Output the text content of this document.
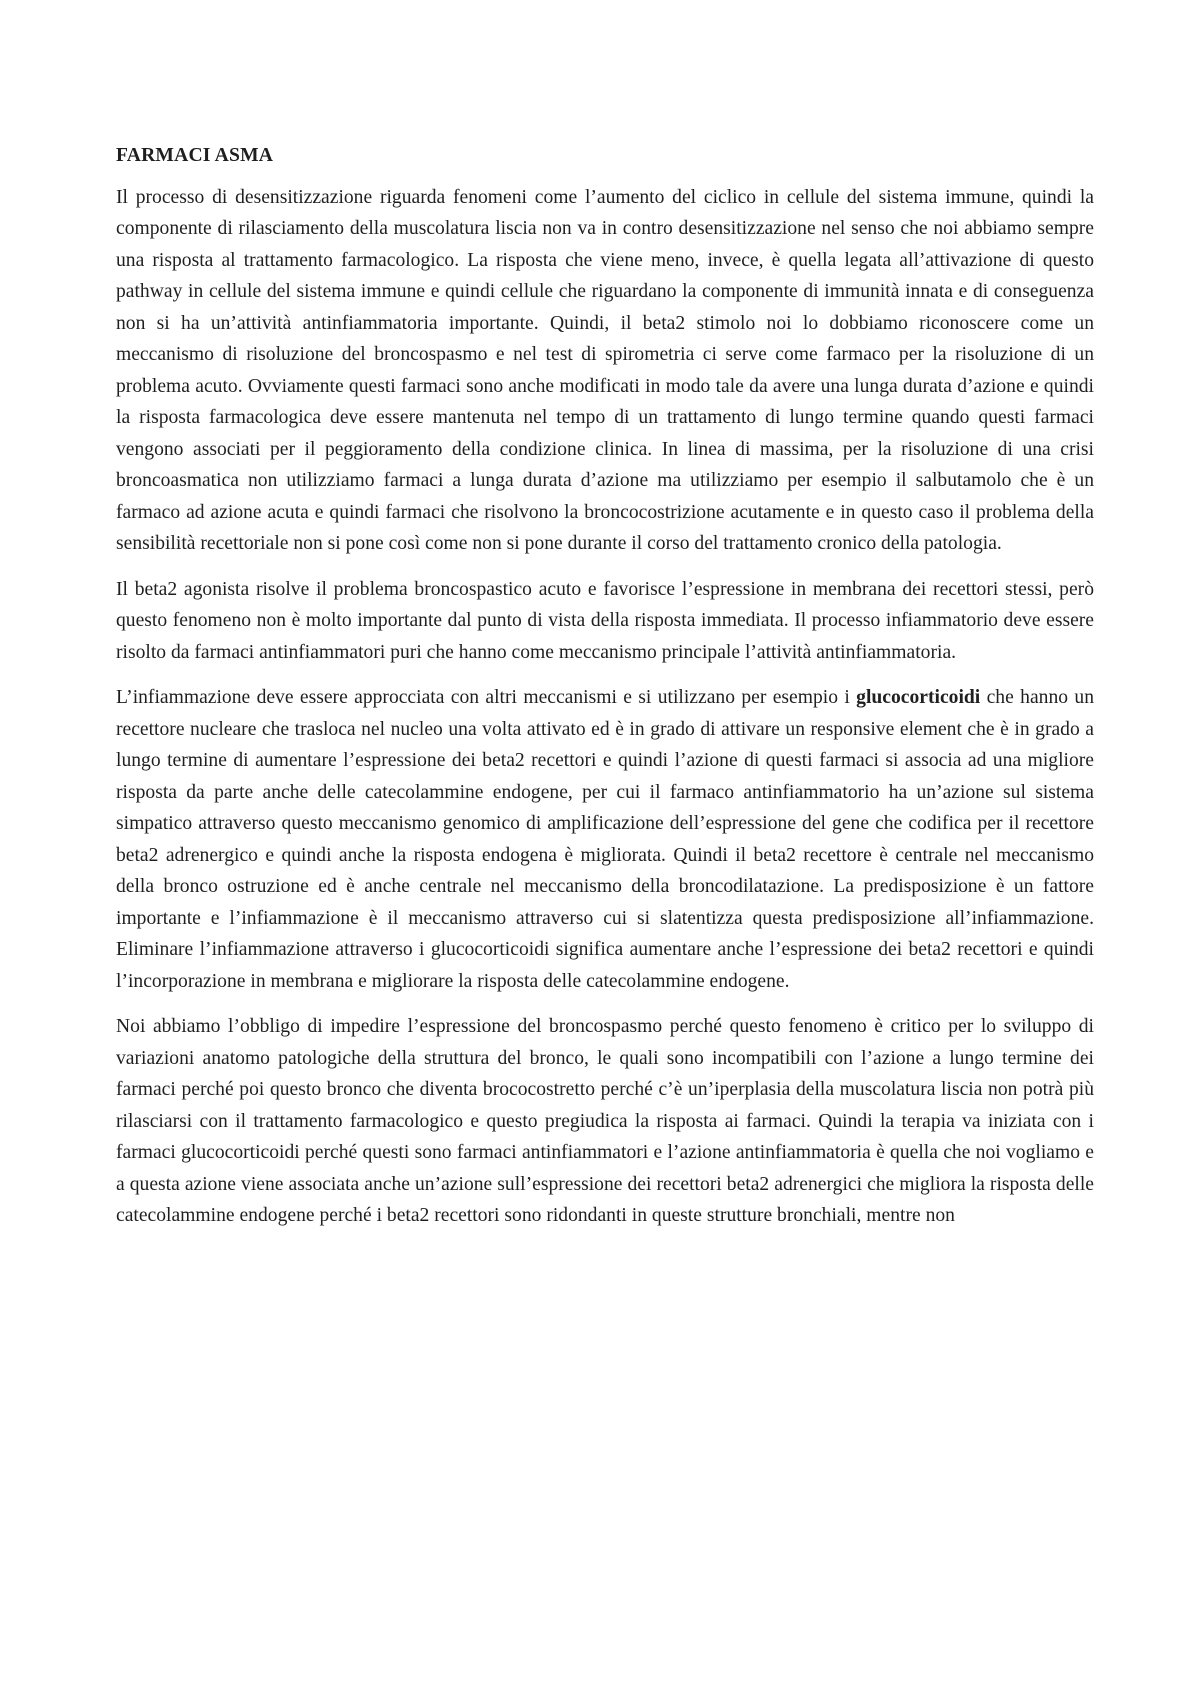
FARMACI ASMA

Il processo di desensitizzazione riguarda fenomeni come l’aumento del ciclico in cellule del sistema immune, quindi la componente di rilasciamento della muscolatura liscia non va in contro desensitizzazione nel senso che noi abbiamo sempre una risposta al trattamento farmacologico. La risposta che viene meno, invece, è quella legata all’attivazione di questo pathway in cellule del sistema immune e quindi cellule che riguardano la componente di immunità innata e di conseguenza non si ha un’attività antinfiammatoria importante. Quindi, il beta2 stimolo noi lo dobbiamo riconoscere come un meccanismo di risoluzione del broncospasmo e nel test di spirometria ci serve come farmaco per la risoluzione di un problema acuto. Ovviamente questi farmaci sono anche modificati in modo tale da avere una lunga durata d’azione e quindi la risposta farmacologica deve essere mantenuta nel tempo di un trattamento di lungo termine quando questi farmaci vengono associati per il peggioramento della condizione clinica. In linea di massima, per la risoluzione di una crisi broncoasmatica non utilizziamo farmaci a lunga durata d’azione ma utilizziamo per esempio il salbutamolo che è un farmaco ad azione acuta e quindi farmaci che risolvono la broncocostrizione acutamente e in questo caso il problema della sensibilità recettoriale non si pone così come non si pone durante il corso del trattamento cronico della patologia.

Il beta2 agonista risolve il problema broncospastico acuto e favorisce l’espressione in membrana dei recettori stessi, però questo fenomeno non è molto importante dal punto di vista della risposta immediata. Il processo infiammatorio deve essere risolto da farmaci antinfiammatori puri che hanno come meccanismo principale l’attività antinfiammatoria.

L’infiammazione deve essere approcciata con altri meccanismi e si utilizzano per esempio i glucocorticoidi che hanno un recettore nucleare che trasloca nel nucleo una volta attivato ed è in grado di attivare un responsive element che è in grado a lungo termine di aumentare l’espressione dei beta2 recettori e quindi l’azione di questi farmaci si associa ad una migliore risposta da parte anche delle catecolammine endogene, per cui il farmaco antinfiammatorio ha un’azione sul sistema simpatico attraverso questo meccanismo genomico di amplificazione dell’espressione del gene che codifica per il recettore beta2 adrenergico e quindi anche la risposta endogena è migliorata. Quindi il beta2 recettore è centrale nel meccanismo della bronco ostruzione ed è anche centrale nel meccanismo della broncodilatazione. La predisposizione è un fattore importante e l’infiammazione è il meccanismo attraverso cui si slatentizza questa predisposizione all’infiammazione. Eliminare l’infiammazione attraverso i glucocorticoidi significa aumentare anche l’espressione dei beta2 recettori e quindi l’incorporazione in membrana e migliorare la risposta delle catecolammine endogene.

Noi abbiamo l’obbligo di impedire l’espressione del broncospasmo perché questo fenomeno è critico per lo sviluppo di variazioni anatomo patologiche della struttura del bronco, le quali sono incompatibili con l’azione a lungo termine dei farmaci perché poi questo bronco che diventa brococostretto perché c’è un’iperplasia della muscolatura liscia non potrà più rilasciarsi con il trattamento farmacologico e questo pregiudica la risposta ai farmaci. Quindi la terapia va iniziata con i farmaci glucocorticoidi perché questi sono farmaci antinfiammatori e l’azione antinfiammatoria è quella che noi vogliamo e a questa azione viene associata anche un’azione sull’espressione dei recettori beta2 adrenergici che migliora la risposta delle catecolammine endogene perché i beta2 recettori sono ridondanti in queste strutture bronchiali, mentre non
